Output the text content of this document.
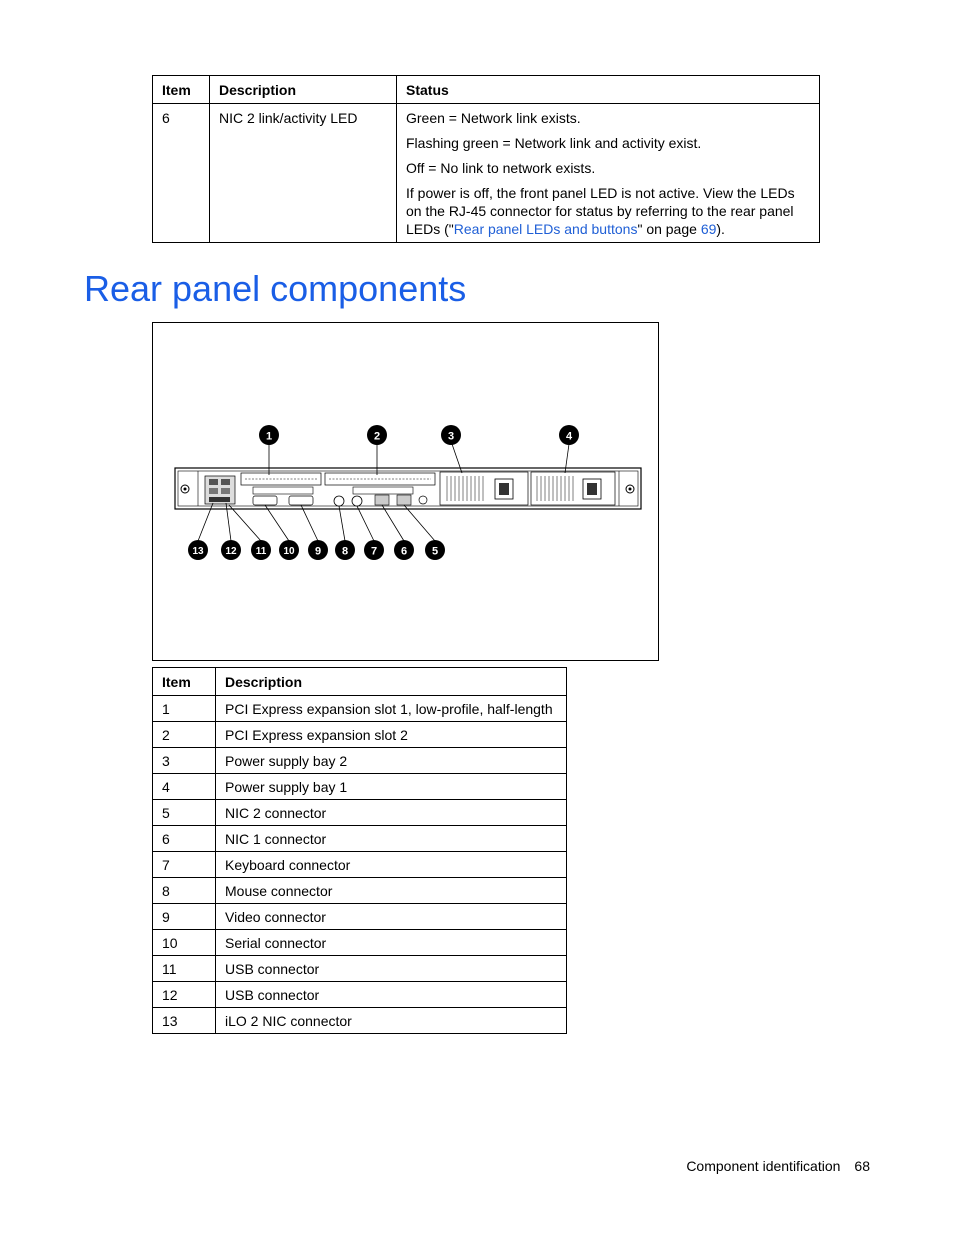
Item	Description	Status
6	NIC 2 link/activity LED	Green = Network link exists.

Flashing green = Network link and activity exist.

Off = No link to network exists.

If power is off, the front panel LED is not active. View the LEDs on the RJ-45 connector for status by referring to the rear panel LEDs ("Rear panel LEDs and buttons" on page 69).

Rear panel components
1	2	3	4
13 12 11 10 9 8 7 6 5
Item	Description
1	PCI Express expansion slot 1, low-profile, half-length
2	PCI Express expansion slot 2
3	Power supply bay 2
4	Power supply bay 1
5	NIC 2 connector
6	NIC 1 connector
7	Keyboard connector
8	Mouse connector
9	Video connector
10	Serial connector
11	USB connector
12	USB connector
13	iLO 2 NIC connector
Component identification 68
